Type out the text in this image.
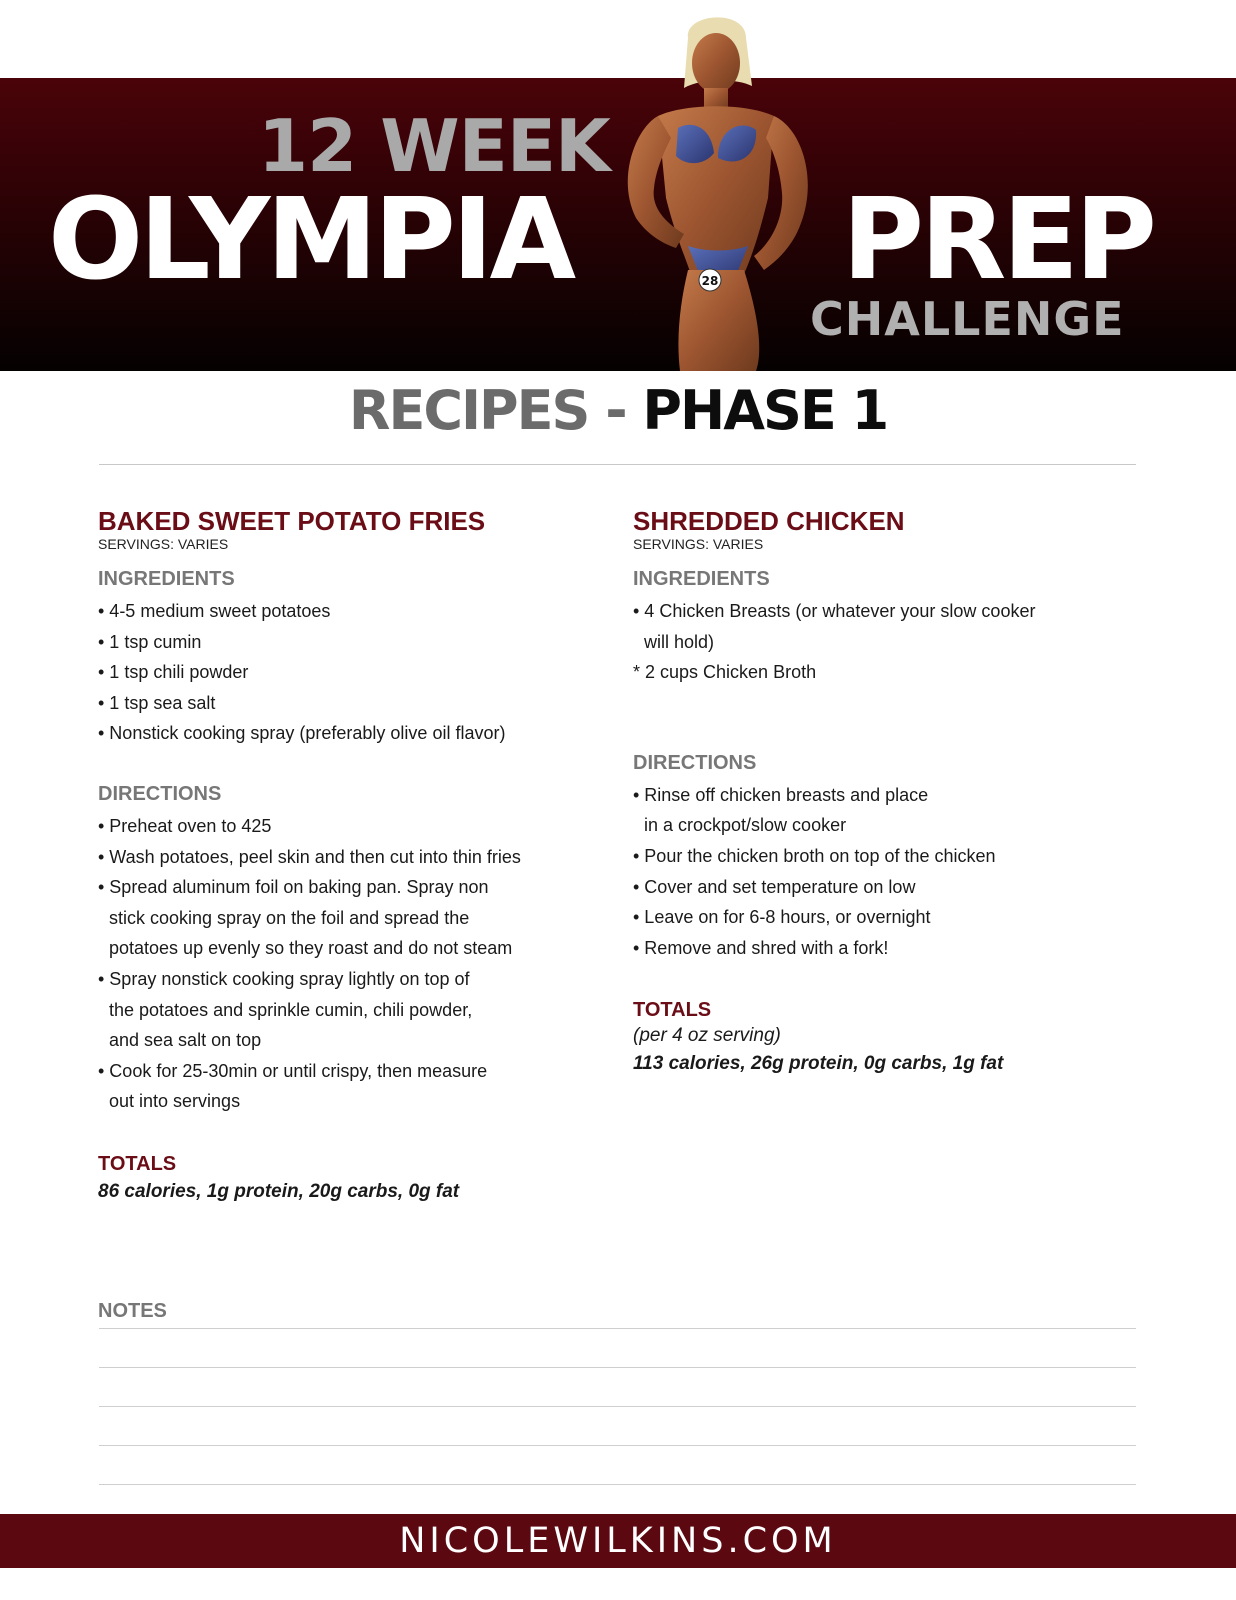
12 WEEK
OLYMPIA PREP
CHALLENGE
28
RECIPES - PHASE 1
BAKED SWEET POTATO FRIES
SERVINGS: VARIES
INGREDIENTS
• 4-5 medium sweet potatoes
• 1 tsp cumin
• 1 tsp chili powder
• 1 tsp sea salt
• Nonstick cooking spray (preferably olive oil flavor)
DIRECTIONS
• Preheat oven to 425
• Wash potatoes, peel skin and then cut into thin fries
• Spread aluminum foil on baking pan. Spray non
stick cooking spray on the foil and spread the
potatoes up evenly so they roast and do not steam
• Spray nonstick cooking spray lightly on top of
the potatoes and sprinkle cumin, chili powder,
and sea salt on top
• Cook for 25-30min or until crispy, then measure
out into servings
TOTALS
86 calories, 1g protein, 20g carbs, 0g fat
SHREDDED CHICKEN
SERVINGS: VARIES
INGREDIENTS
• 4 Chicken Breasts (or whatever your slow cooker
will hold)
* 2 cups Chicken Broth
DIRECTIONS
• Rinse off chicken breasts and place
in a crockpot/slow cooker
• Pour the chicken broth on top of the chicken
• Cover and set temperature on low
• Leave on for 6-8 hours, or overnight
• Remove and shred with a fork!
TOTALS
(per 4 oz serving)
113 calories, 26g protein, 0g carbs, 1g fat
NOTES
NICOLEWILKINS.COM
